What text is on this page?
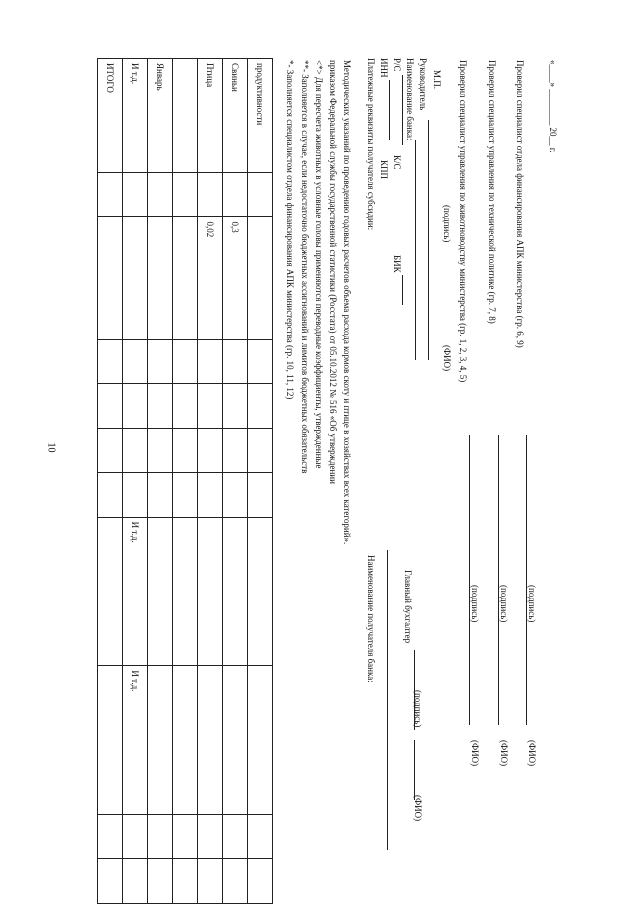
10
продуктивности										
Свиньи		0,3								
Птица		0,02								

Январь										
И т.д.							И т.д.	И т.д.		
ИТОГО											*- Заполняется специалистом отдела финансирования АПК министерства (гр. 10, 11, 12) **- Заполняется в случае, если недостаточно бюджетных ассигнований и лимитов бюджетных обязательств <*> Для пересчета животных в условные головы применяются переводные коэффициенты, утвержденные приказом Федеральной службы государственной статистики (Росстата) от 05.10.2012 № 516 «Об утверждении Методических указаний по проведению годовых расчетов объема расхода кормов скоту и птице в хозяйствах всех категорий». Платежные реквизиты получателя субсидии: ИНН
КПП
Р/С
К/С
БИК
Наименование банка: Руководитель М.П.
(подпись)
(ФИО)
Наименование получателя банка:	Главный бухгалтер
(подпись)
(ФИО)
Проверил специалист управления по животноводству министерства (гр. 1, 2, 3, 4, 5)
(подпись)
(ФИО)
Проверил специалист управления по технической политике (гр. 7, 8)
(подпись)
(ФИО)
Проверил специалист отдела финансирования АПК министерства (гр. 6, 9)
(подпись)
(ФИО)
«____» ________ 20__ г.
